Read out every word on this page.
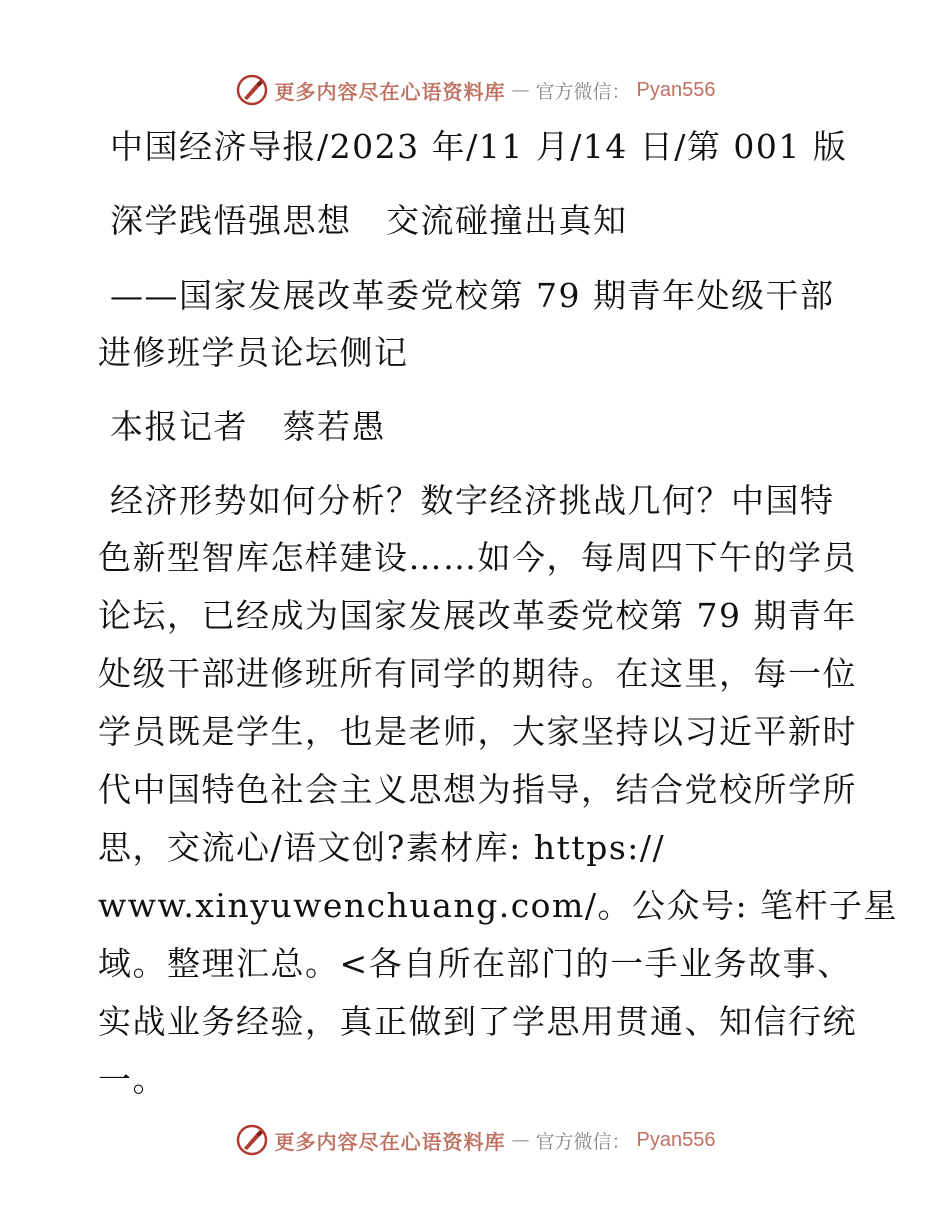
更多内容尽在心语资料库 — 官方微信： Pyan556
中国经济导报/2023 年/11 月/14 日/第 001 版
深学践悟强思想　交流碰撞出真知
——国家发展改革委党校第 79 期青年处级干部
进修班学员论坛侧记
本报记者　蔡若愚
经济形势如何分析？数字经济挑战几何？中国特
色新型智库怎样建设……如今，每周四下午的学员
论坛，已经成为国家发展改革委党校第 79 期青年
处级干部进修班所有同学的期待。在这里，每一位
学员既是学生，也是老师，大家坚持以习近平新时
代中国特色社会主义思想为指导，结合党校所学所
思，交流心/语文创?素材库: https://
www.xinyuwenchuang.com/。公众号: 笔杆子星
域。整理汇总。<各自所在部门的一手业务故事、
实战业务经验，真正做到了学思用贯通、知信行统
一。
更多内容尽在心语资料库 — 官方微信： Pyan556
